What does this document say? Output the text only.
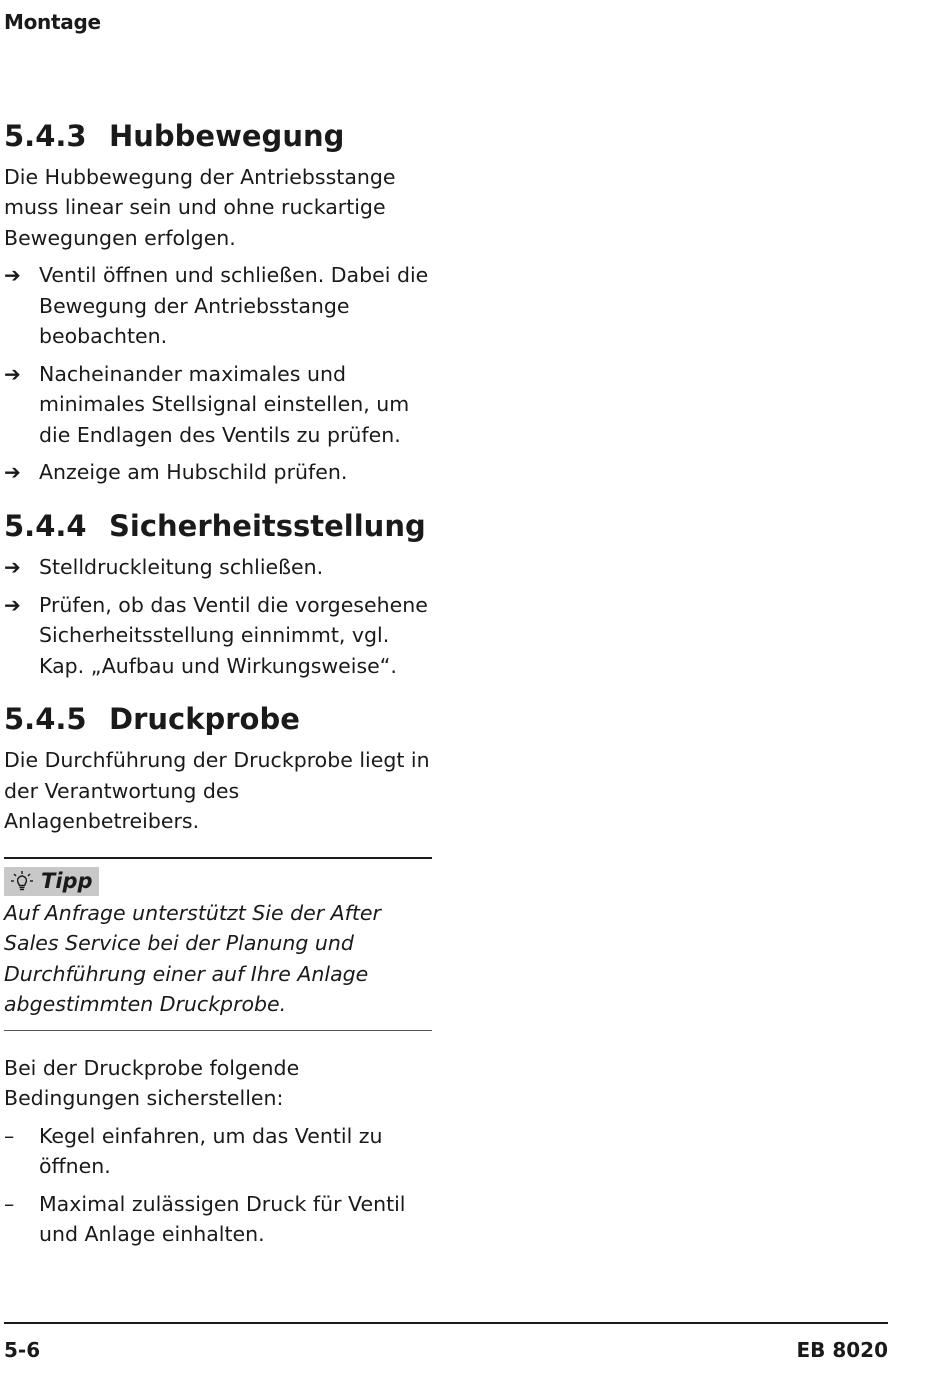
Montage
5.4.3 Hubbewegung

Die Hubbewegung der Antriebsstange muss linear sein und ohne ruckartige Bewegungen erfolgen.

➔ Ventil öffnen und schließen. Dabei die Bewegung der Antriebsstange beobachten.
➔ Nacheinander maximales und minimales Stellsignal einstellen, um die Endlagen des Ventils zu prüfen.
➔ Anzeige am Hubschild prüfen.
5.4.4 Sicherheitsstellung
➔ Stelldruckleitung schließen.
➔ Prüfen, ob das Ventil die vorgesehene Sicherheitsstellung einnimmt, vgl. Kap. „Aufbau und Wirkungsweise“.
5.4.5 Druckprobe

Die Durchführung der Druckprobe liegt in der Verantwortung des Anlagenbetreibers.

Tipp
Auf Anfrage unterstützt Sie der After Sales Service bei der Planung und Durchführung einer auf Ihre Anlage abgestimmten Druckprobe.

Bei der Druckprobe folgende Bedingungen sicherstellen:

–	Kegel einfahren, um das Ventil zu öffnen.
–	Maximal zulässigen Druck für Ventil und Anlage einhalten.
5-6	EB 8020
